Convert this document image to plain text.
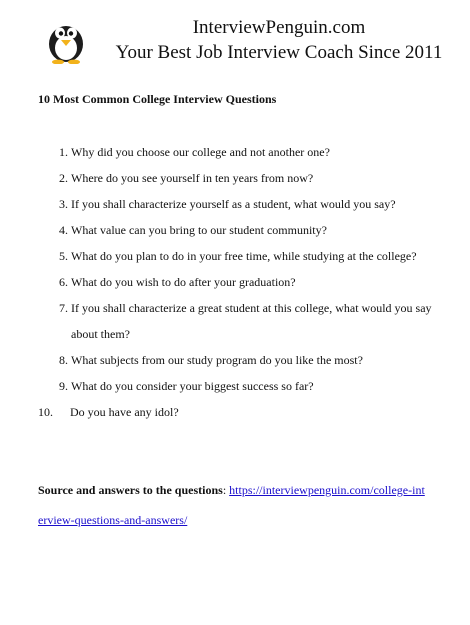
InterviewPenguin.com
Your Best Job Interview Coach Since 2011
10 Most Common College Interview Questions
1. Why did you choose our college and not another one?
2. Where do you see yourself in ten years from now?
3. If you shall characterize yourself as a student, what would you say?
4. What value can you bring to our student community?
5. What do you plan to do in your free time, while studying at the college?
6. What do you wish to do after your graduation?
7. If you shall characterize a great student at this college, what would you say about them?
8. What subjects from our study program do you like the most?
9. What do you consider your biggest success so far?
10.	Do you have any idol?
Source and answers to the questions: https://interviewpenguin.com/college-interview-questions-and-answers/
